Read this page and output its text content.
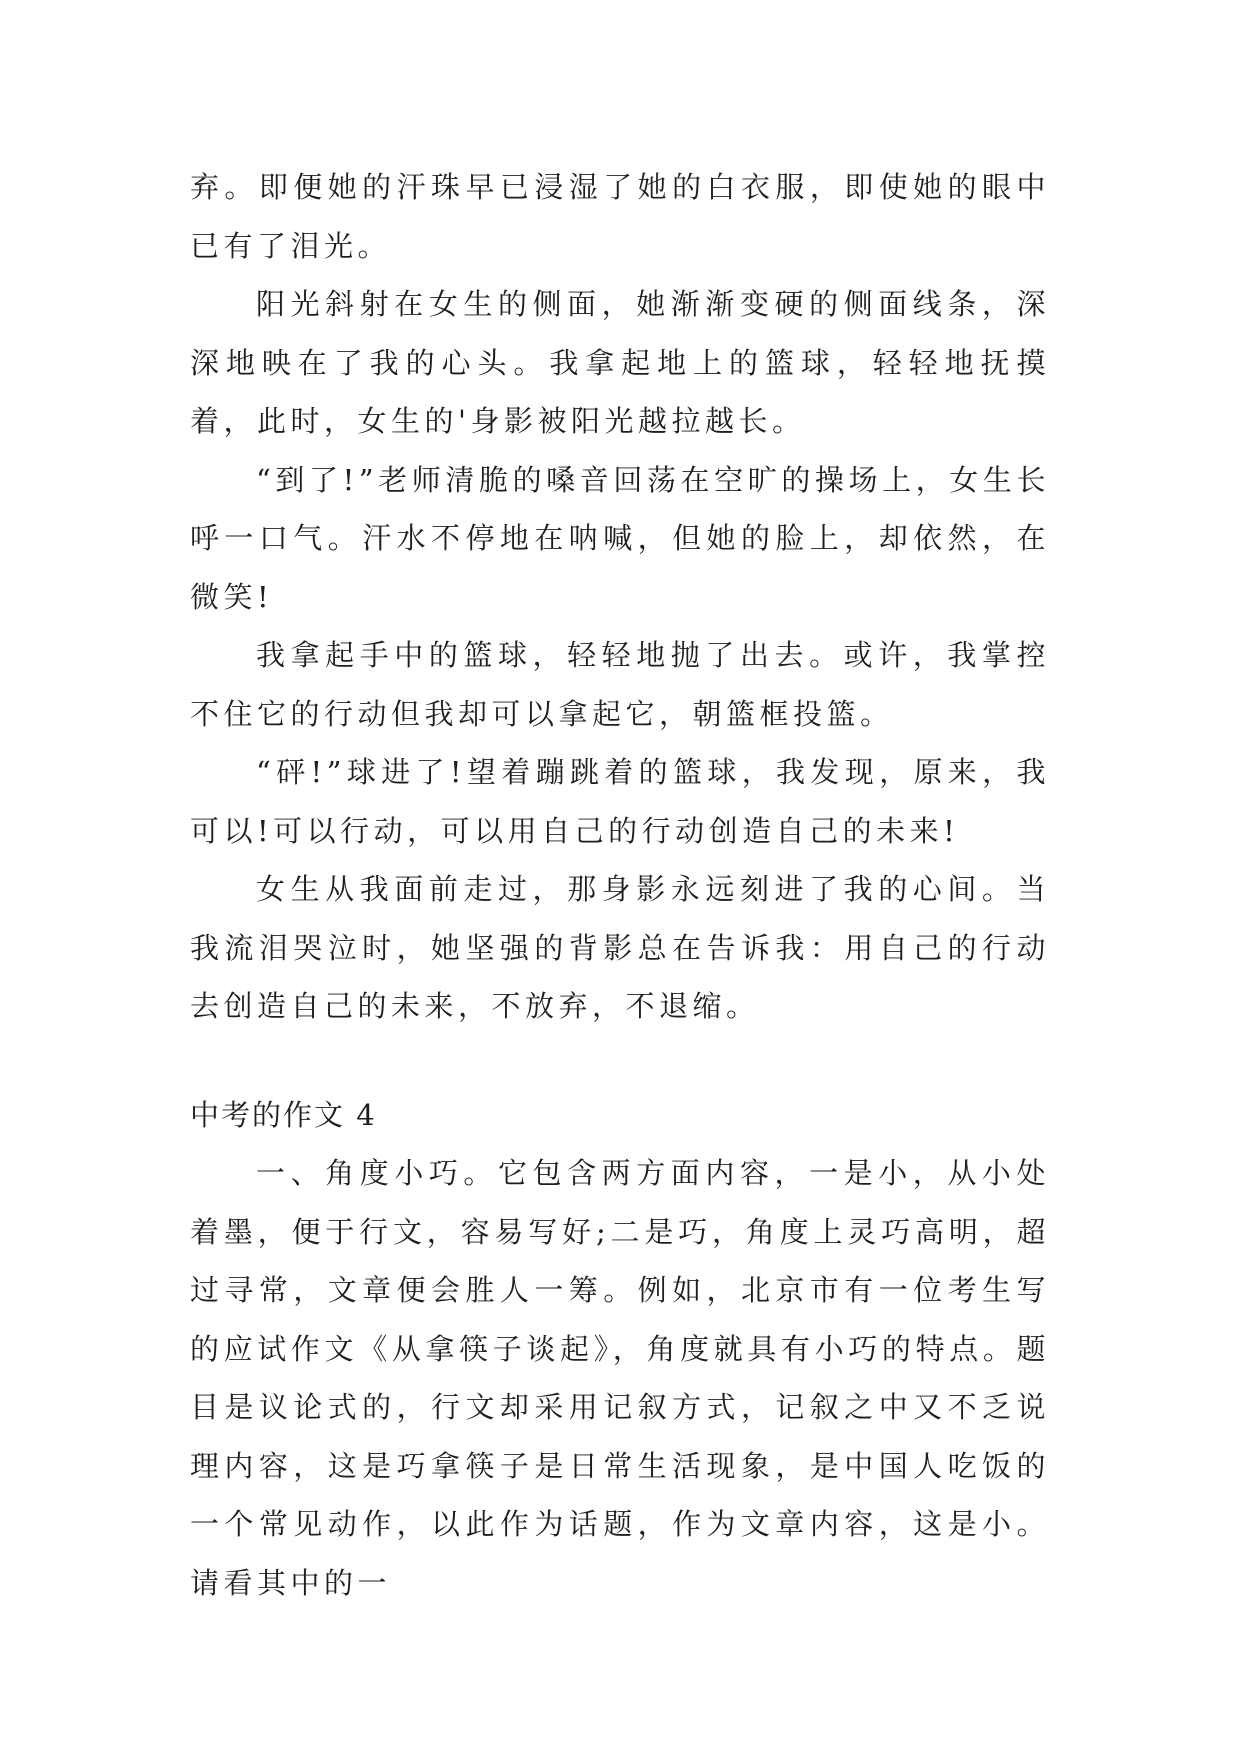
弃。即便她的汗珠早已浸湿了她的白衣服，即使她的眼中已有了泪光。

阳光斜射在女生的侧面，她渐渐变硬的侧面线条，深深地映在了我的心头。我拿起地上的篮球，轻轻地抚摸着，此时，女生的'身影被阳光越拉越长。

“到了!”老师清脆的嗓音回荡在空旷的操场上，女生长呼一口气。汗水不停地在呐喊，但她的脸上，却依然，在微笑!

我拿起手中的篮球，轻轻地抛了出去。或许，我掌控不住它的行动但我却可以拿起它，朝篮框投篮。

“砰!”球进了!望着蹦跳着的篮球，我发现，原来，我可以!可以行动，可以用自己的行动创造自己的未来!

女生从我面前走过，那身影永远刻进了我的心间。当我流泪哭泣时，她坚强的背影总在告诉我：用自己的行动去创造自己的未来，不放弃，不退缩。

中考的作文 4

一、角度小巧。它包含两方面内容，一是小，从小处着墨，便于行文，容易写好;二是巧，角度上灵巧高明，超过寻常，文章便会胜人一筹。例如，北京市有一位考生写的应试作文《从拿筷子谈起》，角度就具有小巧的特点。题目是议论式的，行文却采用记叙方式，记叙之中又不乏说理内容，这是巧拿筷子是日常生活现象，是中国人吃饭的一个常见动作，以此作为话题，作为文章内容，这是小。请看其中的一
